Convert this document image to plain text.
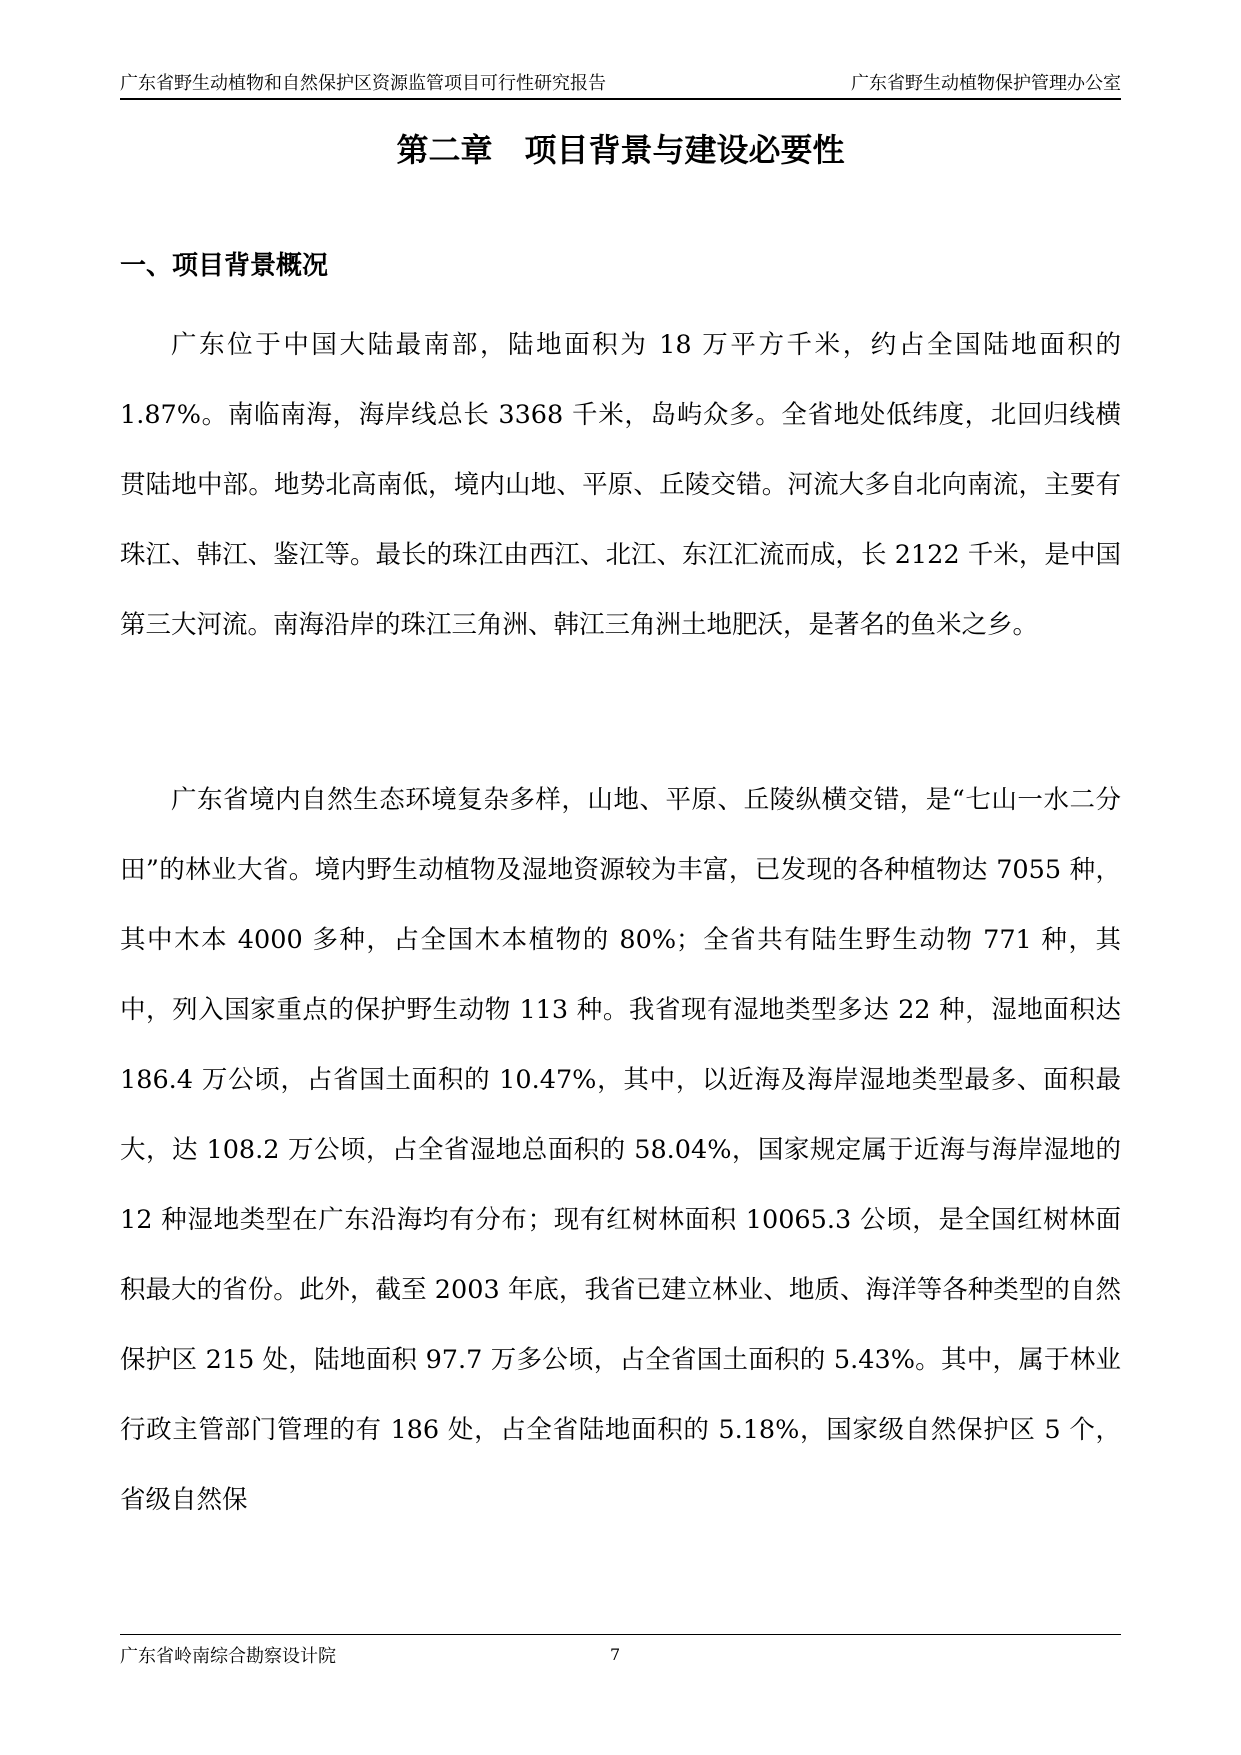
广东省野生动植物和自然保护区资源监管项目可行性研究报告	广东省野生动植物保护管理办公室
第二章　项目背景与建设必要性
一、项目背景概况

广东位于中国大陆最南部，陆地面积为 18 万平方千米，约占全国陆地面积的 1.87%。南临南海，海岸线总长 3368 千米，岛屿众多。全省地处低纬度，北回归线横贯陆地中部。地势北高南低，境内山地、平原、丘陵交错。河流大多自北向南流，主要有珠江、韩江、鉴江等。最长的珠江由西江、北江、东江汇流而成，长 2122 千米，是中国第三大河流。南海沿岸的珠江三角洲、韩江三角洲土地肥沃，是著名的鱼米之乡。

广东省境内自然生态环境复杂多样，山地、平原、丘陵纵横交错，是“七山一水二分田”的林业大省。境内野生动植物及湿地资源较为丰富，已发现的各种植物达 7055 种，其中木本 4000 多种，占全国木本植物的 80%；全省共有陆生野生动物 771 种，其中，列入国家重点的保护野生动物 113 种。我省现有湿地类型多达 22 种，湿地面积达 186.4 万公顷，占省国土面积的 10.47%，其中，以近海及海岸湿地类型最多、面积最大，达 108.2 万公顷，占全省湿地总面积的 58.04%，国家规定属于近海与海岸湿地的 12 种湿地类型在广东沿海均有分布；现有红树林面积 10065.3 公顷，是全国红树林面积最大的省份。此外，截至 2003 年底，我省已建立林业、地质、海洋等各种类型的自然保护区 215 处，陆地面积 97.7 万多公顷，占全省国土面积的 5.43%。其中，属于林业行政主管部门管理的有 186 处，占全省陆地面积的 5.18%，国家级自然保护区 5 个，省级自然保

广东省岭南综合勘察设计院	7
